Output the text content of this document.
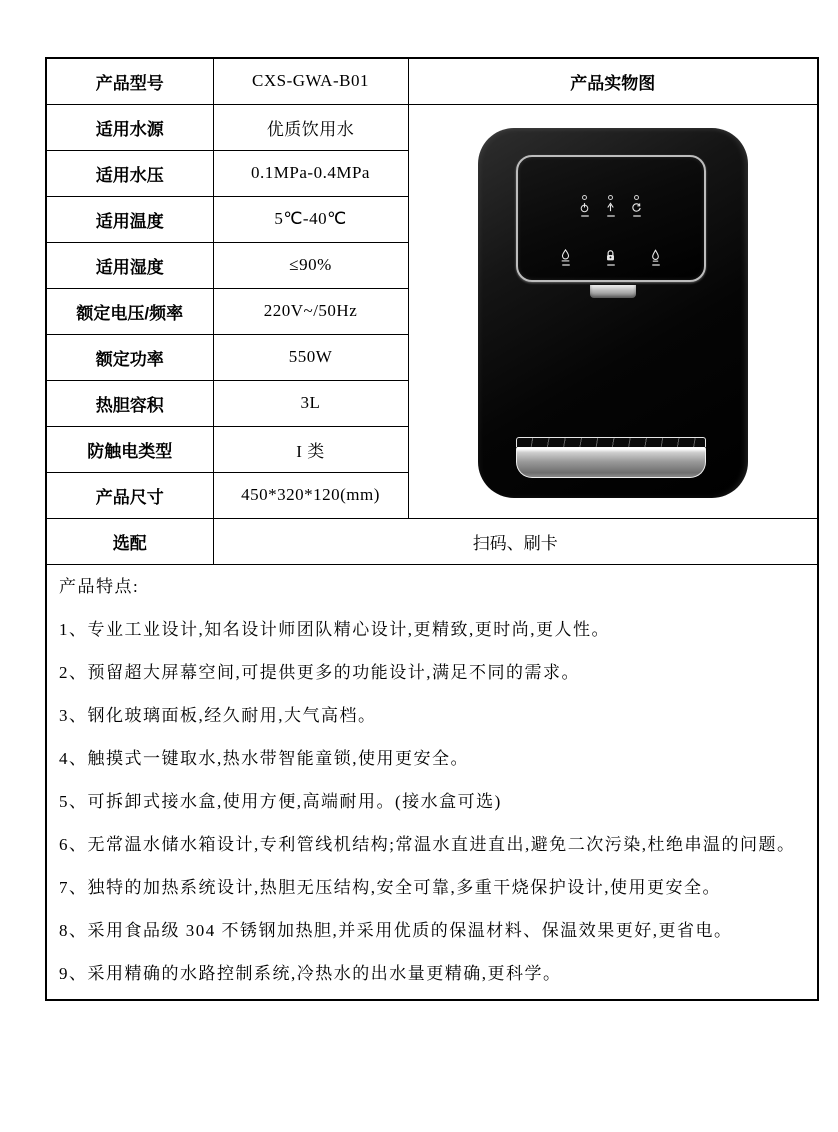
产品型号	CXS-GWA-B01	产品实物图
适用水源	优质饮用水	

适用水压	0.1MPa-0.4MPa	
适用温度	5℃-40℃	
适用湿度	≤90%	
额定电压/频率	220V~/50Hz	
额定功率	550W	
热胆容积	3L	
防触电类型	I 类	
产品尺寸	450*320*120(mm)	
选配	扫码、刷卡	

产品特点:

1、专业工业设计,知名设计师团队精心设计,更精致,更时尚,更人性。

2、预留超大屏幕空间,可提供更多的功能设计,满足不同的需求。

3、钢化玻璃面板,经久耐用,大气高档。

4、触摸式一键取水,热水带智能童锁,使用更安全。

5、可拆卸式接水盒,使用方便,高端耐用。(接水盒可选)

6、无常温水储水箱设计,专利管线机结构;常温水直进直出,避免二次污染,杜绝串温的问题。

7、独特的加热系统设计,热胆无压结构,安全可靠,多重干烧保护设计,使用更安全。

8、采用食品级 304 不锈钢加热胆,并采用优质的保温材料、保温效果更好,更省电。

9、采用精确的水路控制系统,冷热水的出水量更精确,更科学。
